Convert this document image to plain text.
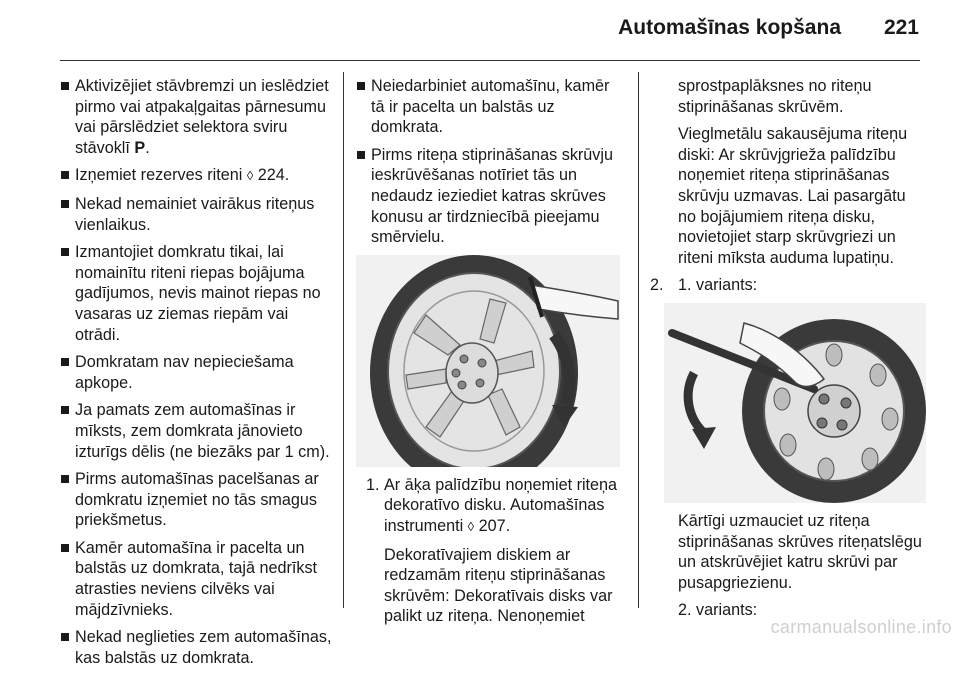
Automašīnas kopšana 221
Aktivizējiet stāvbremzi un ieslēdziet pirmo vai atpakaļgaitas pārnesumu vai pārslēdziet selektora sviru stāvoklī P.
Izņemiet rezerves riteni ◊ 224.
Nekad nemainiet vairākus riteņus vienlaikus.
Izmantojiet domkratu tikai, lai nomainītu riteni riepas bojājuma gadījumos, nevis mainot riepas no vasaras uz ziemas riepām vai otrādi.
Domkratam nav nepieciešama apkope.
Ja pamats zem automašīnas ir mīksts, zem domkrata jānovieto izturīgs dēlis (ne biezāks par 1 cm).
Pirms automašīnas pacelšanas ar domkratu izņemiet no tās smagus priekšmetus.
Kamēr automašīna ir pacelta un balstās uz domkrata, tajā nedrīkst atrasties neviens cilvēks vai mājdzīvnieks.
Nekad neglieties zem automašīnas, kas balstās uz domkrata.
Neiedarbiniet automašīnu, kamēr tā ir pacelta un balstās uz domkrata.
Pirms riteņa stiprināšanas skrūvju ieskrūvēšanas notīriet tās un nedaudz ieziediet katras skrūves konusu ar tirdzniecībā pieejamu smērvielu.
1. Ar āķa palīdzību noņemiet riteņa dekoratīvo disku. Automašīnas instrumenti ◊ 207.
Dekoratīvajiem diskiem ar redzamām riteņu stiprināšanas skrūvēm: Dekoratīvais disks var palikt uz riteņa. Nenoņemiet
sprostpaplāksnes no riteņu stiprināšanas skrūvēm.
Vieglmetālu sakausējuma riteņu diski: Ar skrūvjgrieža palīdzību noņemiet riteņa stiprināšanas skrūvju uzmavas. Lai pasargātu no bojājumiem riteņa disku, novietojiet starp skrūvgriezi un riteni mīksta auduma lupatiņu.
2. 1. variants:
Kārtīgi uzmauciet uz riteņa stiprināšanas skrūves riteņatslēgu un atskrūvējiet katru skrūvi par pusapgriezienu.
2. variants:
carmanualsonline.info
